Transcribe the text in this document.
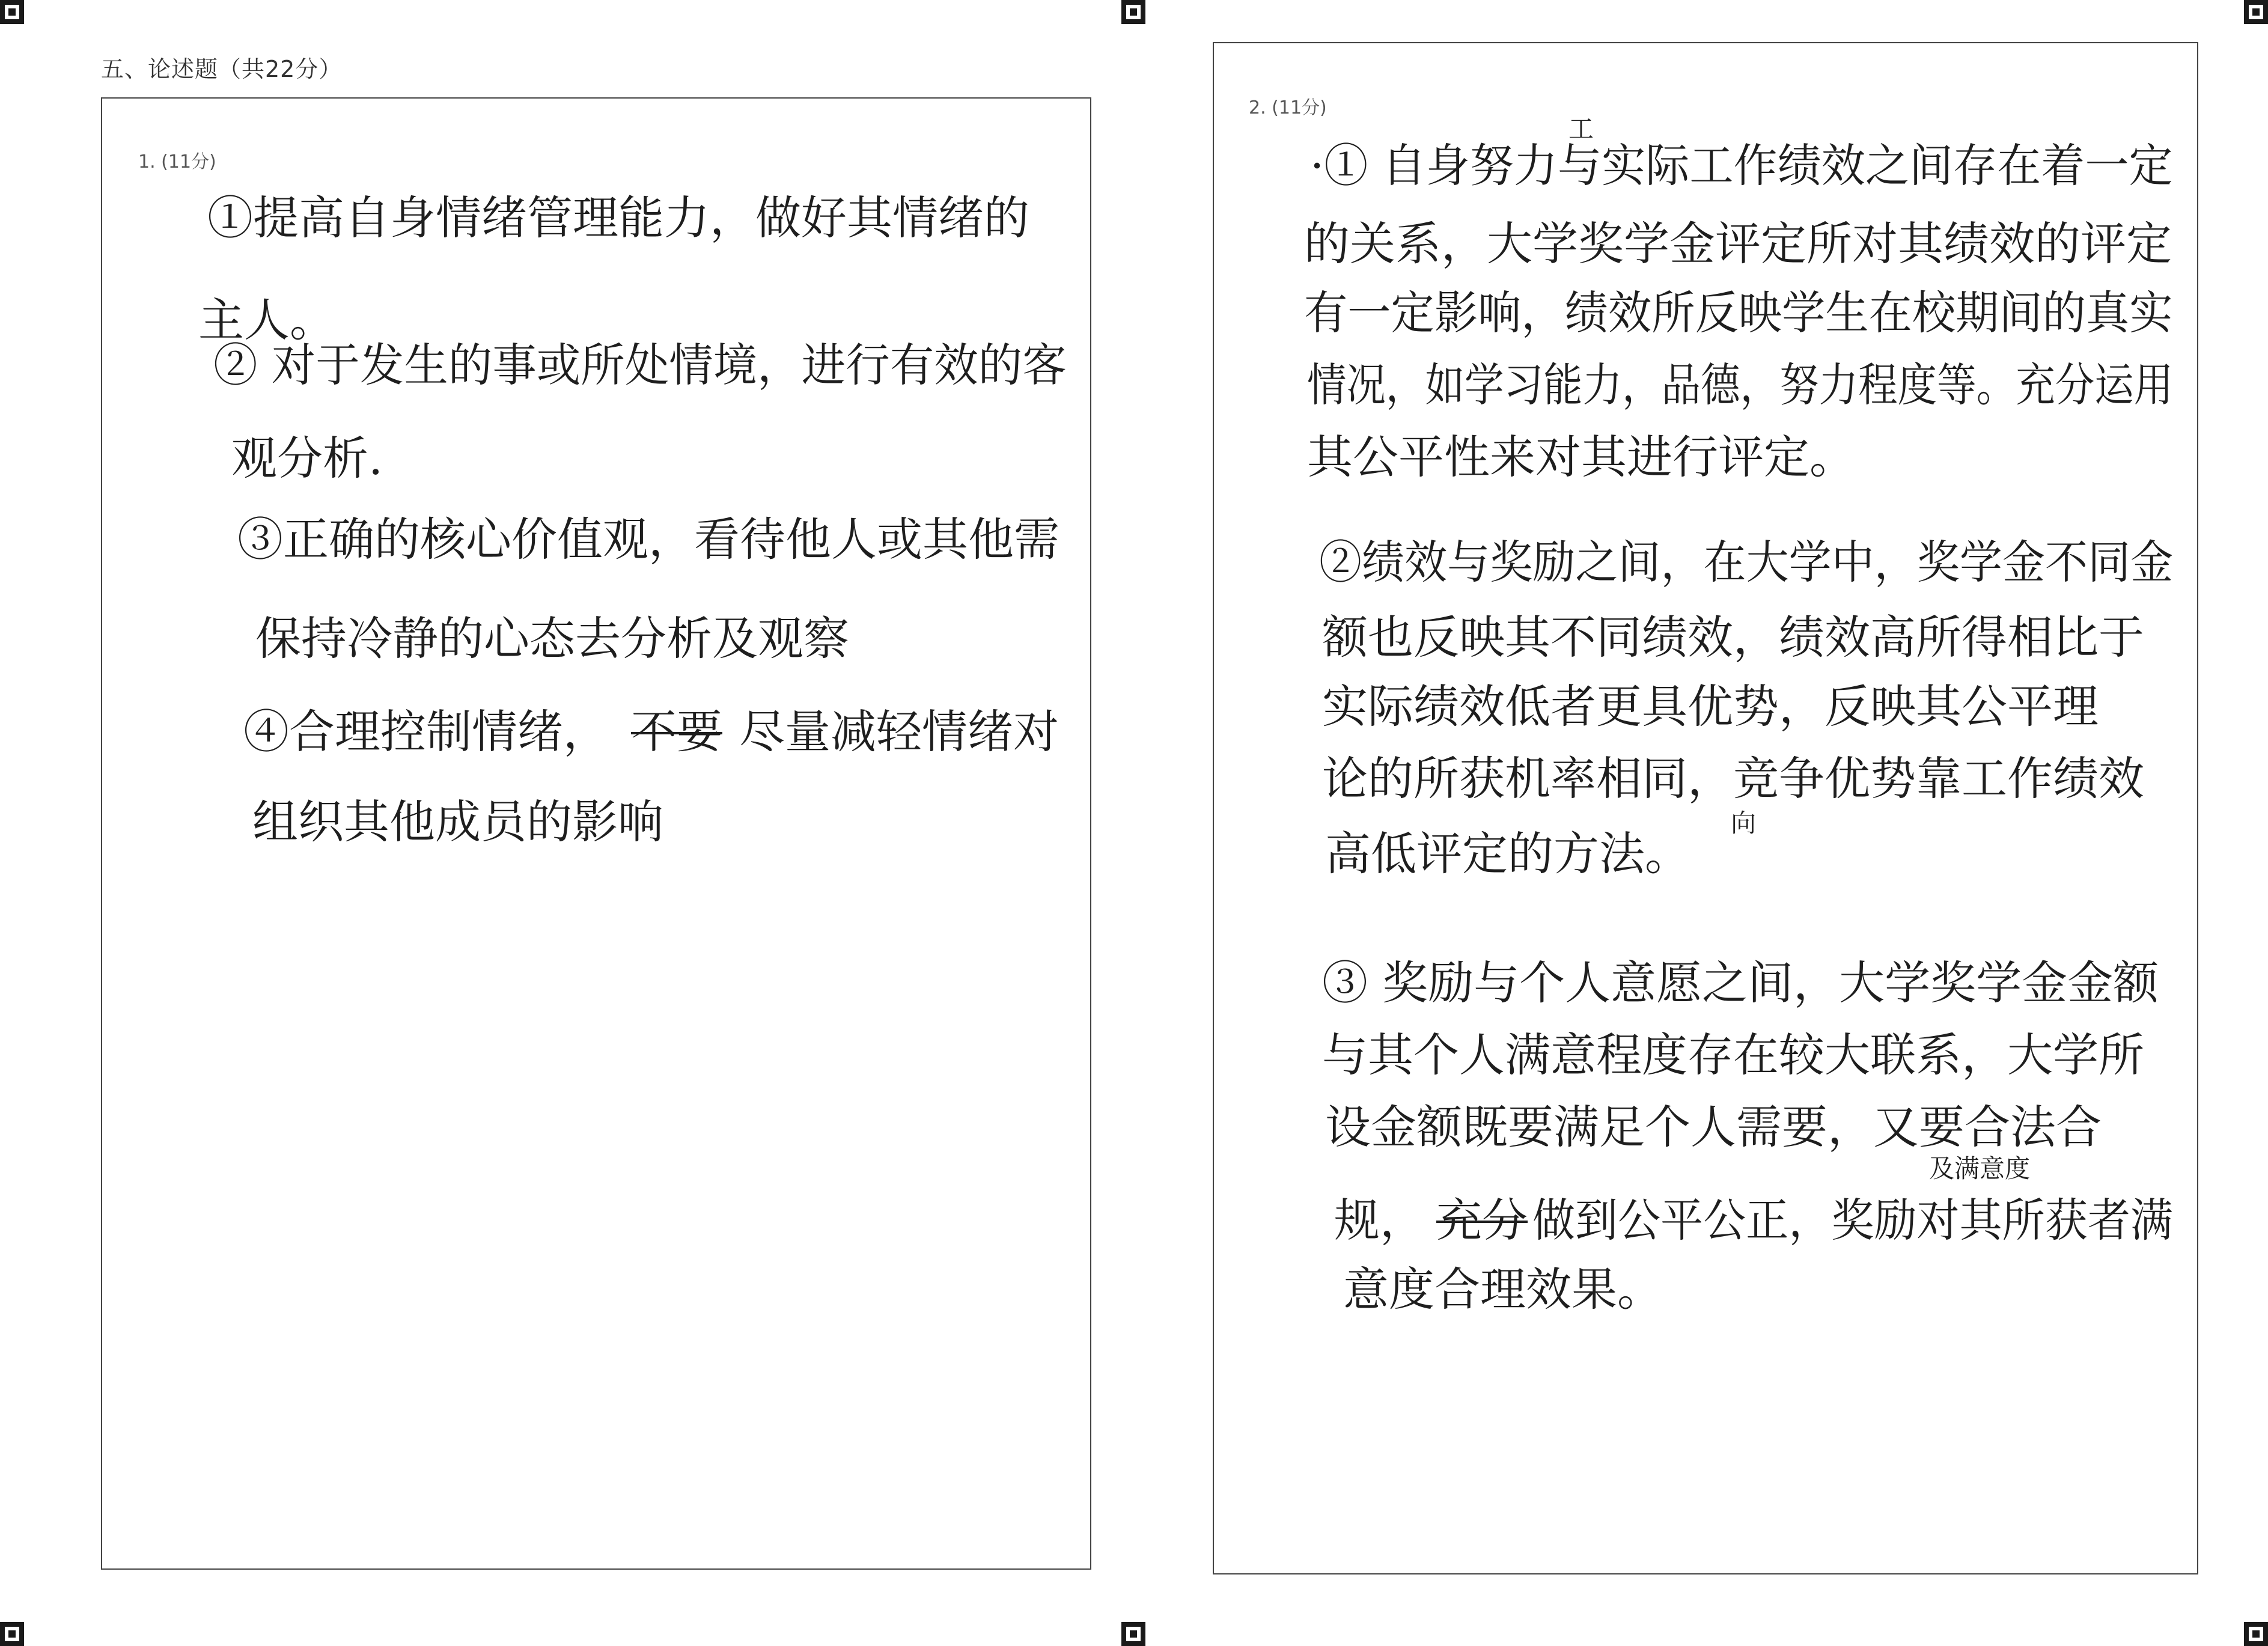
五、论述题（共22分）
1. (11分)
①提高自身情绪管理能力，做好其情绪的
主人。
② 对于发生的事或所处情境，进行有效的客
观分析.
③正确的核心价值观，看待他人或其他需
保持冷静的心态去分析及观察
④合理控制情绪， 不要 尽量减轻情绪对
组织其他成员的影响
2. (11分)
工
·① 自身努力与实际工作绩效之间存在着一定
的关系，大学奖学金评定所对其绩效的评定
有一定影响，绩效所反映学生在校期间的真实
情况，如学习能力，品德，努力程度等。充分运用
其公平性来对其进行评定。
②绩效与奖励之间，在大学中，奖学金不同金
额也反映其不同绩效，绩效高所得相比于
实际绩效低者更具优势，反映其公平理
论的所获机率相同，竞争优势靠工作绩效
向
高低评定的方法。
③ 奖励与个人意愿之间，大学奖学金金额
与其个人满意程度存在较大联系，大学所
设金额既要满足个人需要，又要合法合
及满意度
规， 充分 做到公平公正，奖励对其所获者满
意度合理效果。
